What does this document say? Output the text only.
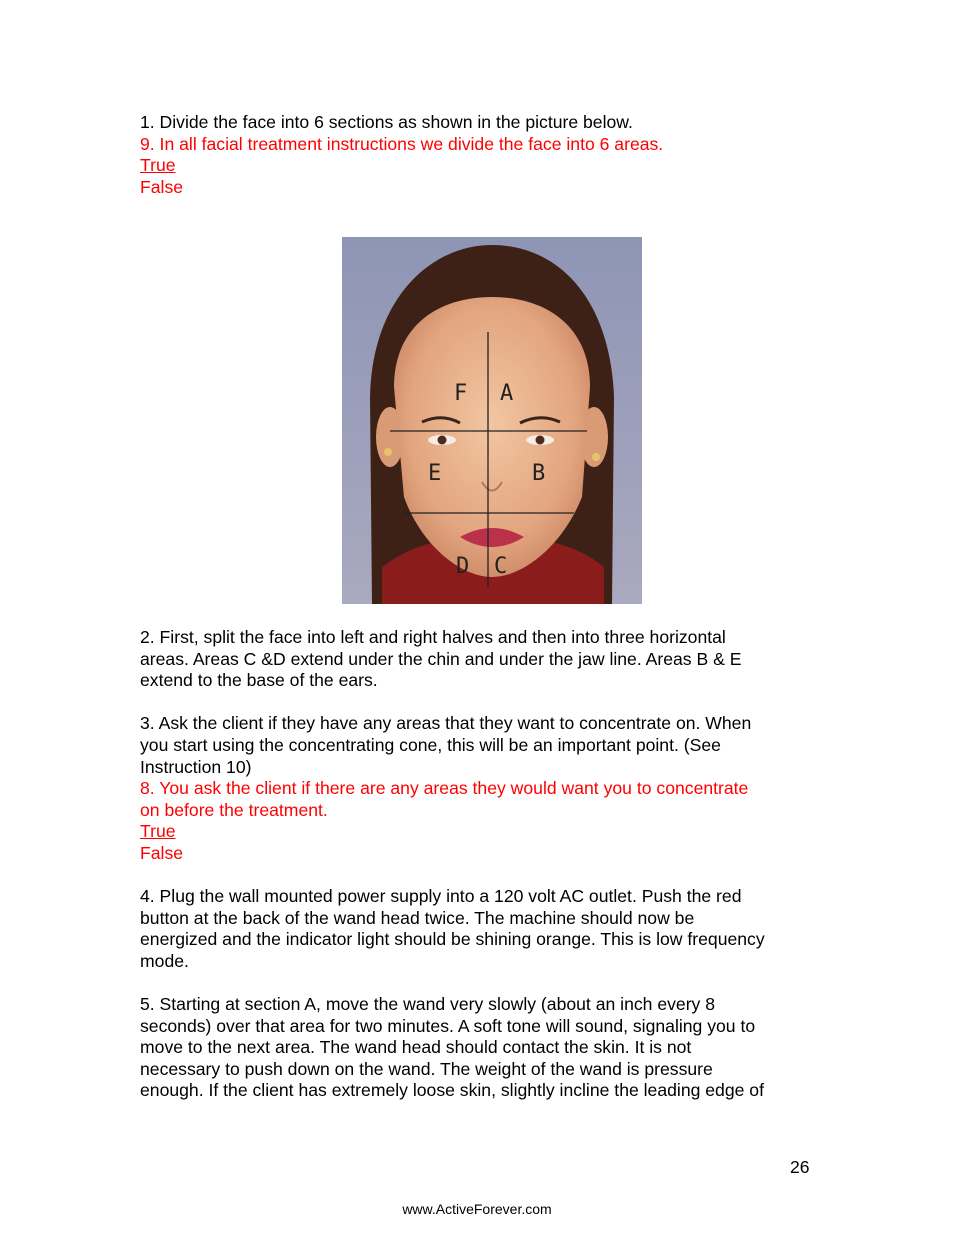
1. Divide the face into 6 sections as shown in the picture below.
9. In all facial treatment instructions we divide the face into 6 areas.
True
False
F A
E	B
D C
2. First, split the face into left and right halves and then into three horizontal
areas. Areas C &D extend under the chin and under the jaw line. Areas B & E
extend to the base of the ears.

3. Ask the client if they have any areas that they want to concentrate on. When
you start using the concentrating cone, this will be an important point. (See
Instruction 10)
8. You ask the client if there are any areas they would want you to concentrate
on before the treatment.
True
False

4. Plug the wall mounted power supply into a 120 volt AC outlet. Push the red
button at the back of the wand head twice. The machine should now be
energized and the indicator light should be shining orange. This is low frequency
mode.

5. Starting at section A, move the wand very slowly (about an inch every 8
seconds) over that area for two minutes. A soft tone will sound, signaling you to
move to the next area. The wand head should contact the skin. It is not
necessary to push down on the wand. The weight of the wand is pressure
enough. If the client has extremely loose skin, slightly incline the leading edge of
26
www.ActiveForever.com
